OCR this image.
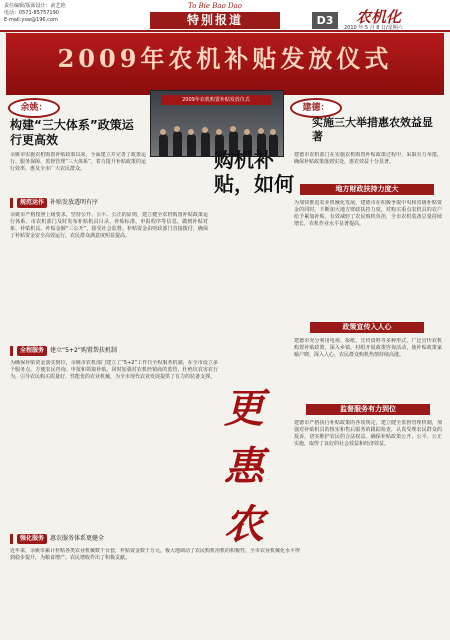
责任编辑/版面设计：俞艺艳
电话：0571-85757190
E-mail:ysw@196.com
To Bie Bao Dao
特别报道	D3	农机化
2010 年 5 月 8 日/星期六
2009年农机补贴发放仪式
2009年农机购置补贴发放仪式
余姚：
构建“三大体系”政策运行更高效
余姚市实施农机购置补贴政策以来，全面建立并完善了政策运行、服务保障、监督管理“三大体系”，着力提升补贴政策的运行效率，惠及全市广大农民群众。
规范运作 补贴发放透明有序
余姚市严格按照上级要求，坚持公开、公平、公正的原则，建立健全农机购置补贴政策运行体系。市农机部门及时发布补贴机具目录、补贴标准、申报程序等信息，做到补贴对象、补贴机具、补贴金额“三公开”，接受社会监督。补贴资金由财政部门直接拨付，确保了补贴资金安全高效运行，农民群众满意度明显提高。
全程服务 建立“5+2”购置帮扶机制
为确保补贴资金落实到位，余姚市农机部门建立了“5+2”工作日全程服务机制，在全市设立多个服务点，方便农民咨询、申报和领取补贴。同时加强对农机经销商的监管，杜绝坑农害农行为，引导农民购买质量好、性能优的农业机械，为全市现代农业发展提供了有力的装备支撑。
强化服务 惠农服务体系更健全
近年来，余姚市累计补贴各类农业机械数千台套，补贴资金数千万元，极大地调动了农民购机用机的积极性，全市农业机械化水平得到稳步提升，为粮食增产、农民增收作出了积极贡献。
购机补贴，如何
更惠农
建德：
实施三大举措惠农效益显著
建德市农机部门在实施农机购置补贴政策过程中，采取有力举措，确保补贴政策落到实处，惠农效益十分显著。
地方财政扶持力度大
为加快推进农业机械化发展，建德市在积极争取中央和省级补贴资金的同时，不断加大地方财政扶持力度，对购买重点农机具的农户给予累加补贴，有效减轻了农民购机负担，全市农机装备总量持续增长，农机作业水平显著提高。
政策宣传入人心
建德市充分利用电视、报纸、宣传资料等多种形式，广泛宣传农机购置补贴政策，深入乡镇、村组开展政策咨询活动，使补贴政策家喻户晓、深入人心，农民群众购机热情持续高涨。
监督服务有力到位
建德市严格执行补贴政策的各项规定，建立健全监督管理机制，加强对补贴机具的核实和售后服务的跟踪检查，认真受理农民群众的投诉，切实维护农民的合法权益，确保补贴政策公开、公平、公正实施，取得了良好的社会效益和经济效益。
